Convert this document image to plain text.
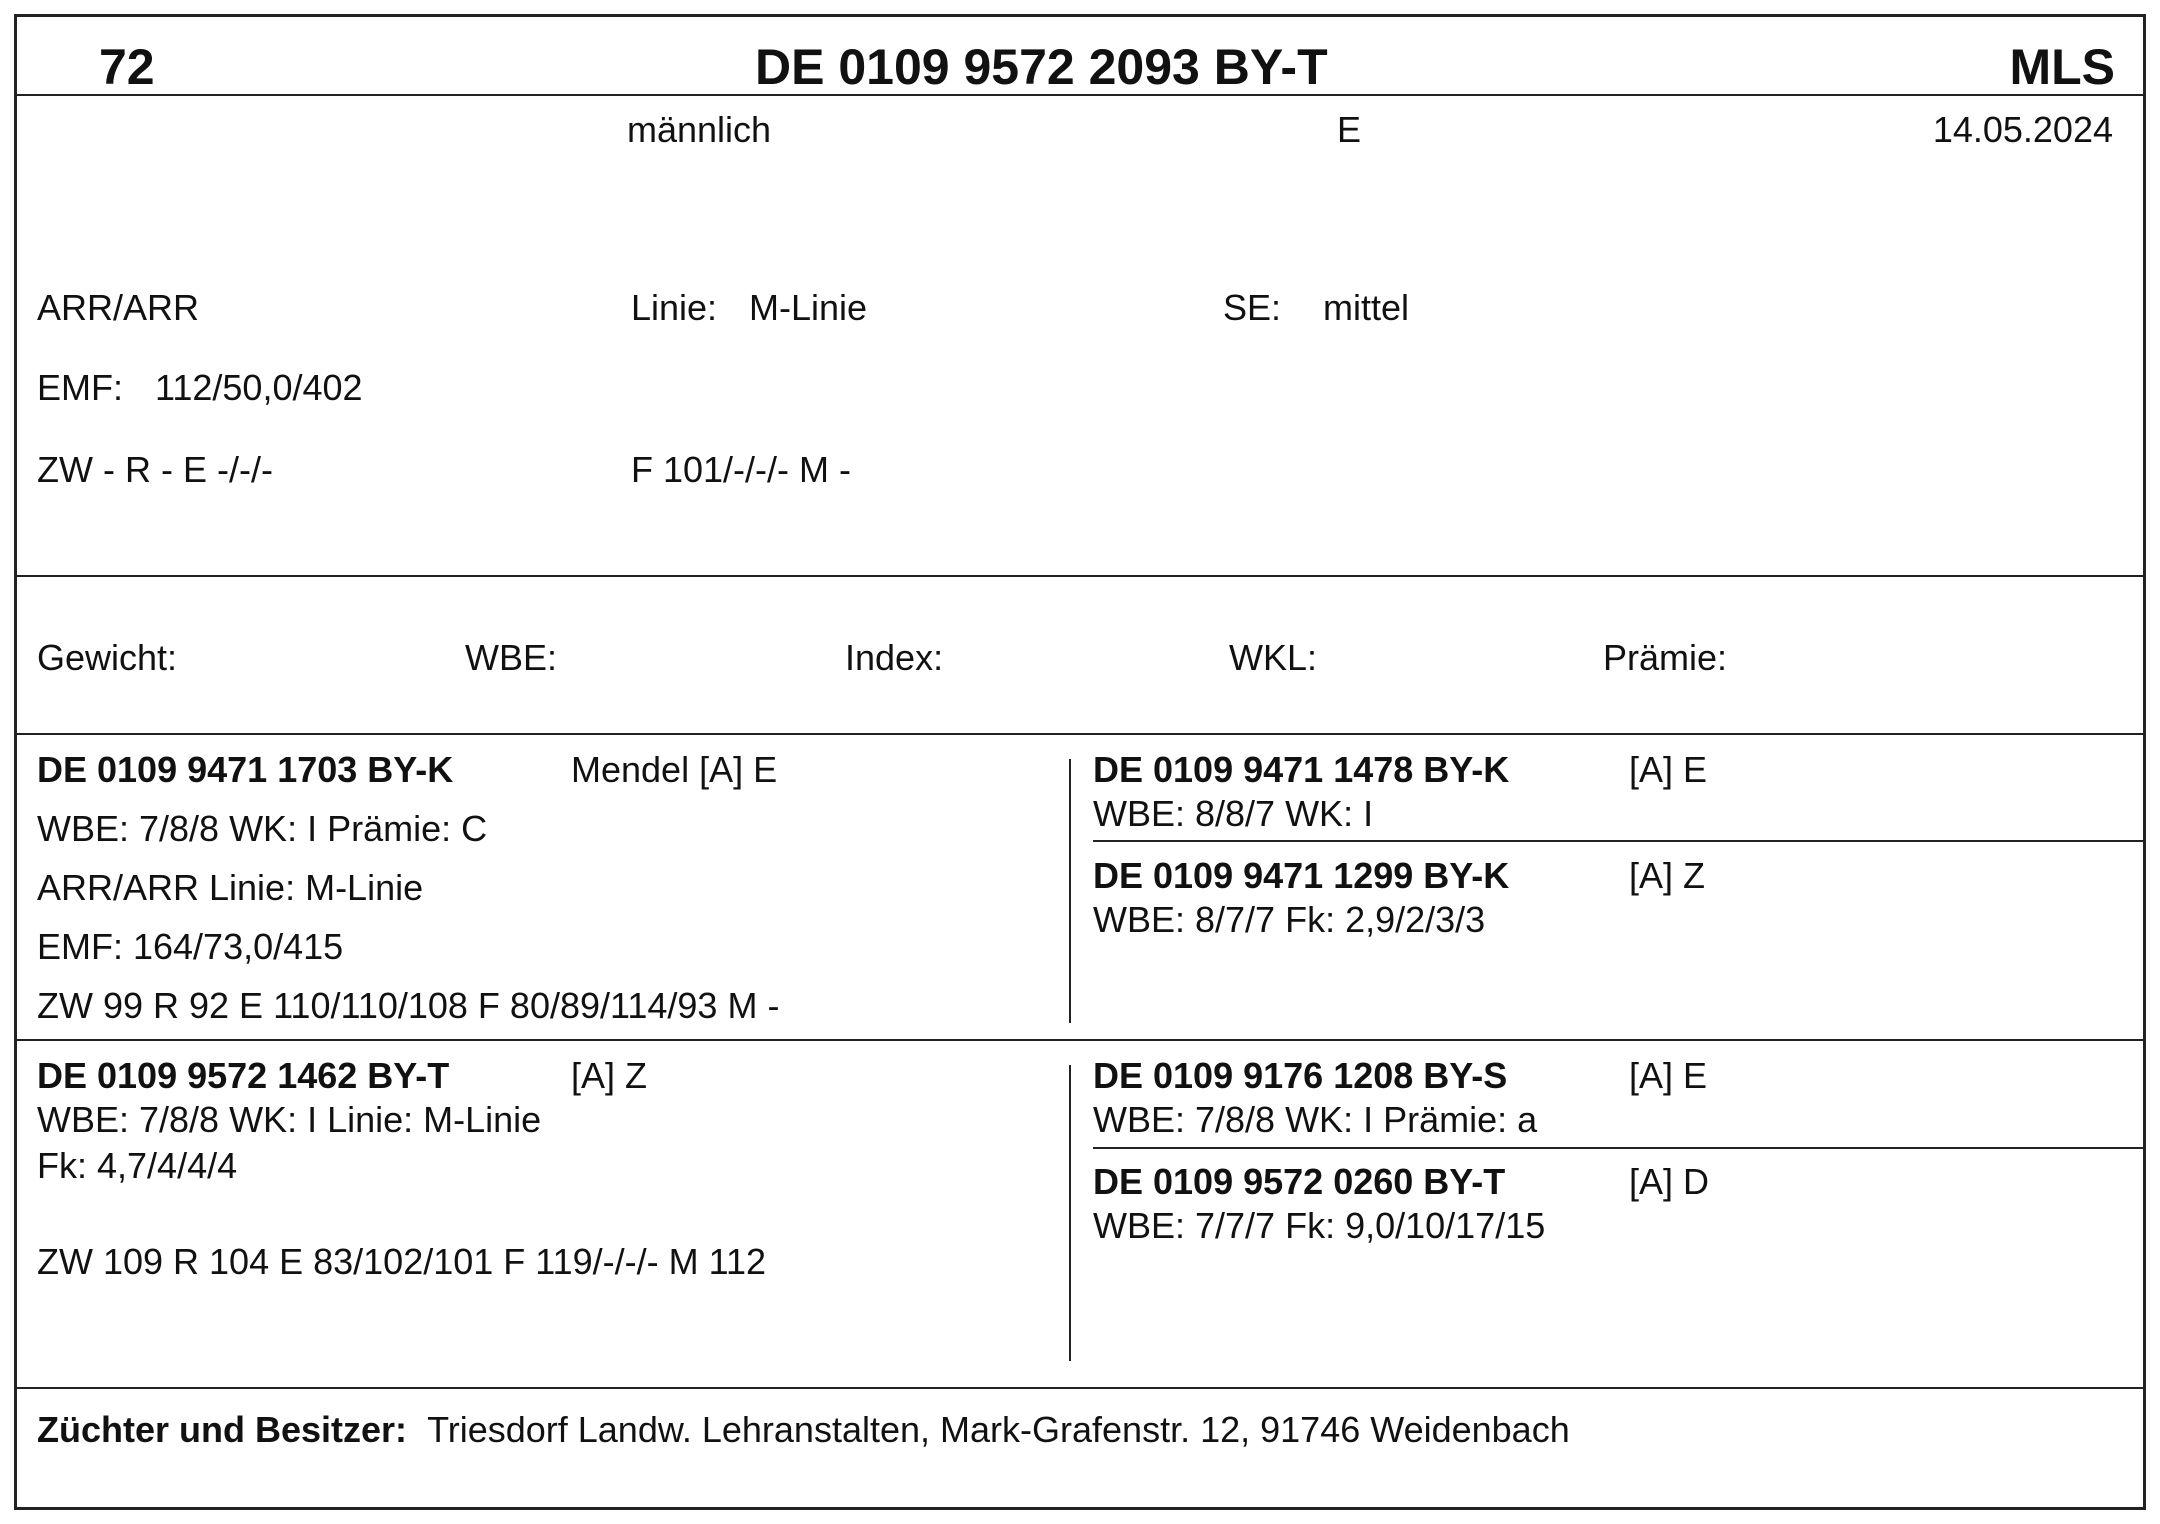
72	DE 0109 9572 2093 BY-T	MLS
männlich	E	14.05.2024
ARR/ARR	Linie: M-Linie	SE: mittel
EMF: 112/50,0/402
ZW - R - E -/-/-	F 101/-/-/- M -
Gewicht:	WBE:	Index:	WKL:	Prämie:
DE 0109 9471 1703 BY-K	Mendel [A] E
WBE: 7/8/8 WK: I Prämie: C
ARR/ARR Linie: M-Linie
EMF: 164/73,0/415
ZW 99 R 92 E 110/110/108 F 80/89/114/93 M -
DE 0109 9471 1478 BY-K	[A] E
WBE: 8/8/7 WK: I
DE 0109 9471 1299 BY-K	[A] Z
WBE: 8/7/7 Fk: 2,9/2/3/3
DE 0109 9572 1462 BY-T	[A] Z
WBE: 7/8/8 WK: I Linie: M-Linie
Fk: 4,7/4/4/4
ZW 109 R 104 E 83/102/101 F 119/-/-/- M 112
DE 0109 9176 1208 BY-S	[A] E
WBE: 7/8/8 WK: I Prämie: a
DE 0109 9572 0260 BY-T	[A] D
WBE: 7/7/7 Fk: 9,0/10/17/15
Züchter und Besitzer: Triesdorf Landw. Lehranstalten, Mark-Grafenstr. 12, 91746 Weidenbach
